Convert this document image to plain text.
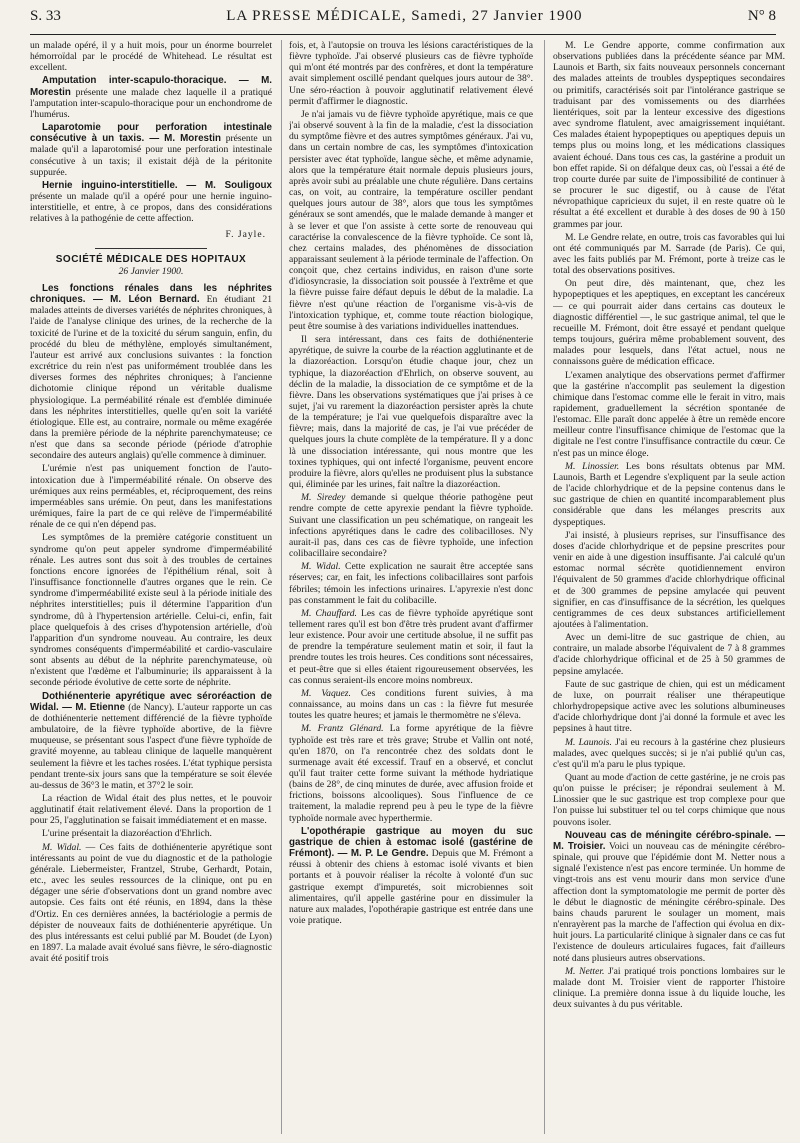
S. 33	LA PRESSE MÉDICALE, Samedi, 27 Janvier 1900	N° 8

un malade opéré, il y a huit mois, pour un énorme bourrelet hémorroïdal par le procédé de Whitehead. Le résultat est excellent.

Amputation inter-scapulo-thoracique. — M. Morestin présente une malade chez laquelle il a pratiqué l'amputation inter-scapulo-thoracique pour un enchondrome de l'humérus.

Laparotomie pour perforation intestinale consécutive à un taxis. — M. Morestin présente un malade qu'il a laparotomisé pour une perforation intestinale consécutive à un taxis; il existait déjà de la péritonite suppurée.

Hernie inguino-interstitielle. — M. Souligoux présente un malade qu'il a opéré pour une hernie inguino-interstitielle, et entre, à ce propos, dans des considérations relatives à la pathogénie de cette affection.

F. Jayle.

SOCIÉTÉ MÉDICALE DES HOPITAUX

26 Janvier 1900.

Les fonctions rénales dans les néphrites chroniques. — M. Léon Bernard. En étudiant 21 malades atteints de diverses variétés de néphrites chroniques, à l'aide de l'analyse clinique des urines, de la recherche de la toxicité de l'urine et de la toxicité du sérum sanguin, enfin, du procédé du bleu de méthylène, employés simultanément, l'auteur est arrivé aux conclusions suivantes : la fonction excrétrice du rein n'est pas uniformément troublée dans les diverses formes des néphrites chroniques; à l'ancienne dichotomie clinique répond un véritable dualisme physiologique. La perméabilité rénale est d'emblée diminuée dans les néphrites interstitielles, quelle qu'en soit la variété étiologique. Elle est, au contraire, normale ou même exagérée dans la première période de la néphrite parenchymateuse; ce n'est que dans sa seconde période (période d'atrophie secondaire des auteurs anglais) qu'elle commence à diminuer.

L'urémie n'est pas uniquement fonction de l'auto-intoxication due à l'imperméabilité rénale. On observe des urémiques aux reins perméables, et, réciproquement, des reins imperméables sans urémie. On peut, dans les manifestations urémiques, faire la part de ce qui relève de l'imperméabilité rénale de ce qui n'en dépend pas.

Les symptômes de la première catégorie constituent un syndrome qu'on peut appeler syndrome d'imperméabilité rénale. Les autres sont dus soit à des troubles de certaines fonctions encore ignorées de l'épithélium rénal, soit à l'insuffisance fonctionnelle d'autres organes que le rein. Ce syndrome d'imperméabilité existe seul à la période initiale des néphrites interstitielles; puis il détermine l'apparition d'un syndrome, dû à l'hypertension artérielle. Celui-ci, enfin, fait place quelquefois à des crises d'hypotension artérielle, d'où l'apparition d'un syndrome nouveau. Au contraire, les deux syndromes conséquents d'imperméabilité et cardio-vasculaire sont absents au début de la néphrite parenchymateuse, où n'existent que l'œdème et l'albuminurie; ils apparaissent à la seconde période évolutive de cette sorte de néphrite.

Dothiénenterie apyrétique avec séroréaction de Widal. — M. Etienne (de Nancy). L'auteur rapporte un cas de dothiénenterie nettement différencié de la fièvre typhoïde ambulatoire, de la fièvre typhoïde abortive, de la fièvre muqueuse, se présentant sous l'aspect d'une fièvre typhoïde de gravité moyenne, au tableau clinique de laquelle manquèrent seulement la fièvre et les taches rosées. L'état typhique persista pendant trente-six jours sans que la température se soit élevée au-dessus de 36°3 le matin, et 37°2 le soir.

La réaction de Widal était des plus nettes, et le pouvoir agglutinatif était relativement élevé. Dans la proportion de 1 pour 25, l'agglutination se faisait immédiatement et en masse.

L'urine présentait la diazoréaction d'Ehrlich.

M. Widal. — Ces faits de dothiénenterie apyrétique sont intéressants au point de vue du diagnostic et de la pathologie générale. Liebermeister, Frantzel, Strube, Gerhardt, Potain, etc., avec les seules ressources de la clinique, ont pu en dégager une série d'observations dont un grand nombre avec autopsie. Ces faits ont été réunis, en 1894, dans la thèse d'Ortiz. En ces dernières années, la bactériologie a permis de dépister de nouveaux faits de dothiénenterie apyrétique. Un des plus intéressants est celui publié par M. Boudet (de Lyon) en 1897. La malade avait évolué sans fièvre, le séro-diagnostic avait été positif trois

fois, et, à l'autopsie on trouva les lésions caractéristiques de la fièvre typhoïde. J'ai observé plusieurs cas de fièvre typhoïde qui m'ont été montrés par des confrères, et dont la température avait simplement oscillé pendant quelques jours autour de 38°. Une séro-réaction à pouvoir agglutinatif relativement élevé permit d'affirmer le diagnostic.

Je n'ai jamais vu de fièvre typhoïde apyrétique, mais ce que j'ai observé souvent à la fin de la maladie, c'est la dissociation du symptôme fièvre et des autres symptômes généraux. J'ai vu, dans un certain nombre de cas, les symptômes d'intoxication persister avec état typhoïde, langue sèche, et même adynamie, alors que la température était normale depuis plusieurs jours, après avoir subi au préalable une chute régulière. Dans certains cas, on voit, au contraire, la température osciller pendant quelques jours autour de 38°, alors que tous les symptômes généraux se sont amendés, que le malade demande à manger et à se lever et que l'on assiste à cette sorte de renouveau qui caractérise la convalescence de la fièvre typhoïde. Ce sont là, chez certains malades, des phénomènes de dissociation apparaissant seulement à la période terminale de l'affection. On conçoit que, chez certains individus, en raison d'une sorte d'idiosyncrasie, la dissociation soit poussée à l'extrême et que la fièvre puisse faire défaut depuis le début de la maladie. La fièvre n'est qu'une réaction de l'organisme vis-à-vis de l'intoxication typhique, et, comme toute réaction biologique, peut être soumise à des variations individuelles inattendues.

Il sera intéressant, dans ces faits de dothiénenterie apyrétique, de suivre la courbe de la réaction agglutinante et de la diazoréaction. Lorsqu'on étudie chaque jour, chez un typhique, la diazoréaction d'Ehrlich, on observe souvent, au déclin de la maladie, la dissociation de ce symptôme et de la fièvre. Dans les observations systématiques que j'ai prises à ce sujet, j'ai vu rarement la diazoréaction persister après la chute de la température; je l'ai vue quelquefois disparaître avec la fièvre; mais, dans la majorité de cas, je l'ai vue précéder de quelques jours la chute complète de la température. Il y a donc là une dissociation intéressante, qui nous montre que les toxines typhiques, qui ont infecté l'organisme, peuvent encore produire la fièvre, alors qu'elles ne produisent plus la substance qui, éliminée par les urines, fait naître la diazoréaction.

M. Siredey demande si quelque théorie pathogène peut rendre compte de cette apyrexie pendant la fièvre typhoïde. Suivant une classification un peu schématique, on rangeait les infections apyrétiques dans le cadre des colibacilloses. N'y aurait-il pas, dans ces cas de fièvre typhoïde, une infection colibacillaire secondaire?

M. Widal. Cette explication ne saurait être acceptée sans réserves; car, en fait, les infections colibacillaires sont parfois fébriles; témoin les infections urinaires. L'apyrexie n'est donc pas constamment le fait du colibacille.

M. Chauffard. Les cas de fièvre typhoïde apyrétique sont tellement rares qu'il est bon d'être très prudent avant d'affirmer leur existence. Pour avoir une certitude absolue, il ne suffit pas de prendre la température seulement matin et soir, il faut la prendre toutes les trois heures. Ces conditions sont nécessaires, et peut-être que si elles étaient rigoureusement observées, les cas connus seraient-ils encore moins nombreux.

M. Vaquez. Ces conditions furent suivies, à ma connaissance, au moins dans un cas : la fièvre fut mesurée toutes les quatre heures; et jamais le thermomètre ne s'éleva.

M. Frantz Glénard. La forme apyrétique de la fièvre typhoïde est très rare et très grave; Strube et Vallin ont noté, qu'en 1870, on l'a rencontrée chez des soldats dont le surmenage avait été excessif. Trauf en a observé, et conclut qu'il faut traiter cette forme suivant la méthode hydriatique (bains de 28°, de cinq minutes de durée, avec affusion froide et frictions, boissons alcooliques). Sous l'influence de ce traitement, la maladie reprend peu à peu le type de la fièvre typhoïde normale avec hyperthermie.

L'opothérapie gastrique au moyen du suc gastrique de chien à estomac isolé (gastérine de Frémont). — M. P. Le Gendre. Depuis que M. Frémont a réussi à obtenir des chiens à estomac isolé vivants et bien portants et à pouvoir réaliser la récolte à volonté d'un suc gastrique exempt d'impuretés, soit microbiennes soit alimentaires, qu'il appelle gastérine pour en dissimuler la nature aux malades, l'opothérapie gastrique est entrée dans une voie pratique.

M. Le Gendre apporte, comme confirmation aux observations publiées dans la précédente séance par MM. Launois et Barth, six faits nouveaux personnels concernant des malades atteints de troubles dyspeptiques secondaires ou primitifs, caractérisés soit par l'intolérance gastrique se traduisant par des vomissements ou des diarrhées lientériques, soit par la lenteur excessive des digestions avec syndrome flatulent, avec amaigrissement inquiétant. Ces malades étaient hypopeptiques ou apeptiques depuis un temps plus ou moins long, et les médications classiques avaient échoué. Dans tous ces cas, la gastérine a produit un bon effet rapide. Si on défalque deux cas, où l'essai a été de trop courte durée par suite de l'impossibilité de continuer à se procurer le suc digestif, ou à cause de l'état névropathique capricieux du sujet, il en reste quatre où le résultat a été excellent et durable à des doses de 90 à 150 grammes par jour.

M. Le Gendre relate, en outre, trois cas favorables qui lui ont été communiqués par M. Sarrade (de Paris). Ce qui, avec les faits publiés par M. Frémont, porte à treize cas le total des observations positives.

On peut dire, dès maintenant, que, chez les hypopeptiques et les apeptiques, en exceptant les cancéreux — ce qui pourrait aider dans certains cas douteux le diagnostic différentiel —, le suc gastrique animal, tel que le recueille M. Frémont, doit être essayé et pendant quelque temps toujours, guérira même probablement souvent, des malades pour lesquels, dans l'état actuel, nous ne connaissons guère de médication efficace.

L'examen analytique des observations permet d'affirmer que la gastérine n'accomplit pas seulement la digestion chimique dans l'estomac comme elle le ferait in vitro, mais rapidement, graduellement la sécrétion spontanée de l'estomac. Elle paraît donc appelée à être un remède encore meilleur contre l'insuffisance chimique de l'estomac que la digitale ne l'est contre l'insuffisance contractile du cœur. Ce n'est pas un mince éloge.

M. Linossier. Les bons résultats obtenus par MM. Launois, Barth et Legendre s'expliquent par la seule action de l'acide chlorhydrique et de la pepsine contenus dans le suc gastrique de chien en quantité incomparablement plus considérable que dans les mélanges prescrits aux dyspeptiques.

J'ai insisté, à plusieurs reprises, sur l'insuffisance des doses d'acide chlorhydrique et de pepsine prescrites pour venir en aide à une digestion insuffisante. J'ai calculé qu'un estomac normal sécrète quotidiennement environ l'équivalent de 50 grammes d'acide chlorhydrique officinal et de 300 grammes de pepsine amylacée qui peuvent signifier, en cas d'insuffisance de la sécrétion, les quelques centigrammes de ces deux substances artificiellement ajoutées à l'alimentation.

Avec un demi-litre de suc gastrique de chien, au contraire, un malade absorbe l'équivalent de 7 à 8 grammes d'acide chlorhydrique officinal et de 25 à 50 grammes de pepsine amylacée.

Faute de suc gastrique de chien, qui est un médicament de luxe, on pourrait réaliser une thérapeutique chlorhydropepsique active avec les solutions albumineuses d'acide chlorhydrique dont j'ai donné la formule et avec les pepsines à haut titre.

M. Launois. J'ai eu recours à la gastérine chez plusieurs malades, avec quelques succès; si je n'ai publié qu'un cas, c'est qu'il m'a paru le plus typique.

Quant au mode d'action de cette gastérine, je ne crois pas qu'on puisse le préciser; je répondrai seulement à M. Linossier que le suc gastrique est trop complexe pour que l'on puisse lui substituer tel ou tel corps chimique que nous pouvons isoler.

Nouveau cas de méningite cérébro-spinale. — M. Troisier. Voici un nouveau cas de méningite cérébro-spinale, qui prouve que l'épidémie dont M. Netter nous a signalé l'existence n'est pas encore terminée. Un homme de vingt-trois ans est venu mourir dans mon service d'une affection dont la symptomatologie me permit de porter dès le début le diagnostic de méningite cérébro-spinale. Des bains chauds parurent le soulager un moment, mais n'enrayèrent pas la marche de l'affection qui évolua en dix-huit jours. La particularité clinique à signaler dans ce cas fut l'existence de douleurs articulaires fugaces, fait d'ailleurs noté dans plusieurs autres observations.

M. Netter. J'ai pratiqué trois ponctions lombaires sur le malade dont M. Troisier vient de rapporter l'histoire clinique. La première donna issue à du liquide louche, les deux suivantes à du pus véritable.
